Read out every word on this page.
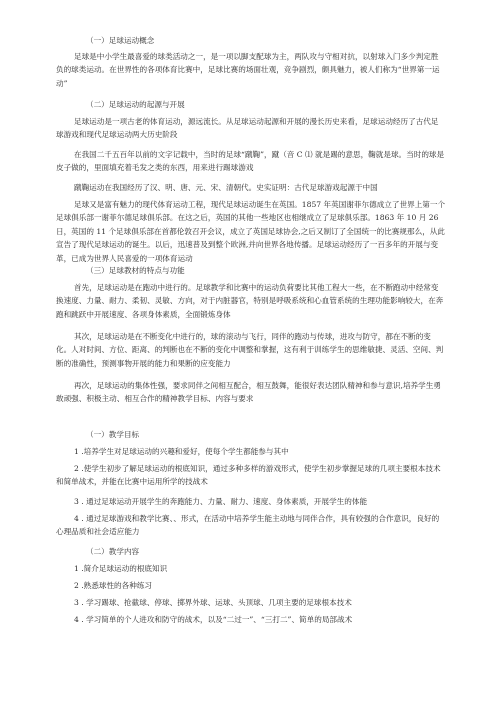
（一）足球运动概念
足球是中小学生最喜爱的球类活动之一，是一项以脚支配球为主，两队攻与守相对抗，以射球入门多少判定胜负的球类运动。在世界性的各项体育比赛中，足球比赛的场面壮观，竞争剧烈，颇具魅力，被人们称为“世界第一运动”
（二）足球运动的起源与开展
足球运动是一项古老的体育运动，源远流长。从足球运动起源和开展的漫长历史来看，足球运动经历了古代足球游戏和现代足球运动两大历史阶段
在我国二千五百年以前的文字记载中，当时的足球“蹴鞠”，蹴（音 C ⑴ 就是踢的意思，鞠就是球。当时的球是皮子做的，里面填充着毛发之类的东西，用来进行踢球游戏
蹴鞠运动在我国经历了汉、明、唐、元、宋、清朝代。史实证明：古代足球游戏起源于中国
足球又是富有魅力的现代体育运动工程，现代足球运动诞生在英国。1857 年英国谢菲尔德成立了世界上第一个足球俱乐部一谢菲尔德足球俱乐部。在这之后，英国的其他一些地区也相继成立了足球俱乐部。1863 年 10 月 26 日，英国的 11 个足球俱乐部在首都伦敦召开会议，成立了英国足球协会,之后又制订了全国统一的比赛规那么，从此宣告了现代足球运动的诞生。以后，迅速普及到整个欧洲,并向世界各地传播。足球运动经历了一百多年的开展与变革，已成为世界人民喜爱的一项体育运动
（三）足球教材的特点与功能
首先，足球运动是在跑动中进行的。足球教学和比赛中的运动负荷要比其他工程大一些，在不断跑动中经常变换速度、力量、耐力、柔韧、灵敏、方向，对于内脏器官，特别是呼吸系统和心血管系统的生理功能影响较大，在奔跑和跳跃中开展速度、各项身体素质，全面锻炼身体
其次，足球运动是在不断变化中进行的，球的滚动与飞行，同伴的跑动与传球，进攻与防守，都在不断的变化。人对时间、方位、距离、的判断也在不断的变化中调整和掌握，这有利于训练学生的思维敏捷、灵活、空间、判断的准确性，预测事物开展的能力和果断的应变能力
再次，足球运动的集体性强，要求同伴之间相互配合，相互鼓舞，能很好表达团队精神和参与意识,培养学生勇敢顽强、积极主动、相互合作的精神教学目标、内容与要求
（一）教学目标
1 .培养学生对足球运动的兴趣和爱好，使每个学生都能参与其中
2 .使学生初步了解足球运动的根底知识，通过多种多样的游戏形式，使学生初步掌握足球的几项主要根本技术和简单战术，并能在比赛中运用所学的技战术
3 . 通过足球运动开展学生的奔跑能力、力量、耐力、速度、身体素质，开展学生的体能
4 . 通过足球游戏和教学比赛、、形式，在活动中培养学生能主动地与同伴合作，具有较强的合作意识，良好的心理品质和社会适应能力
（二）教学内容
1 .简介足球运动的根底知识
2 .熟悉球性的各种练习
3 . 学习踢球、抢截球、停球、掷界外球、运球、头顶球、几项主要的足球根本技术
4 . 学习简单的个人进攻和防守的战术，以及“二过一”、“三打二”、简单的局部战术
